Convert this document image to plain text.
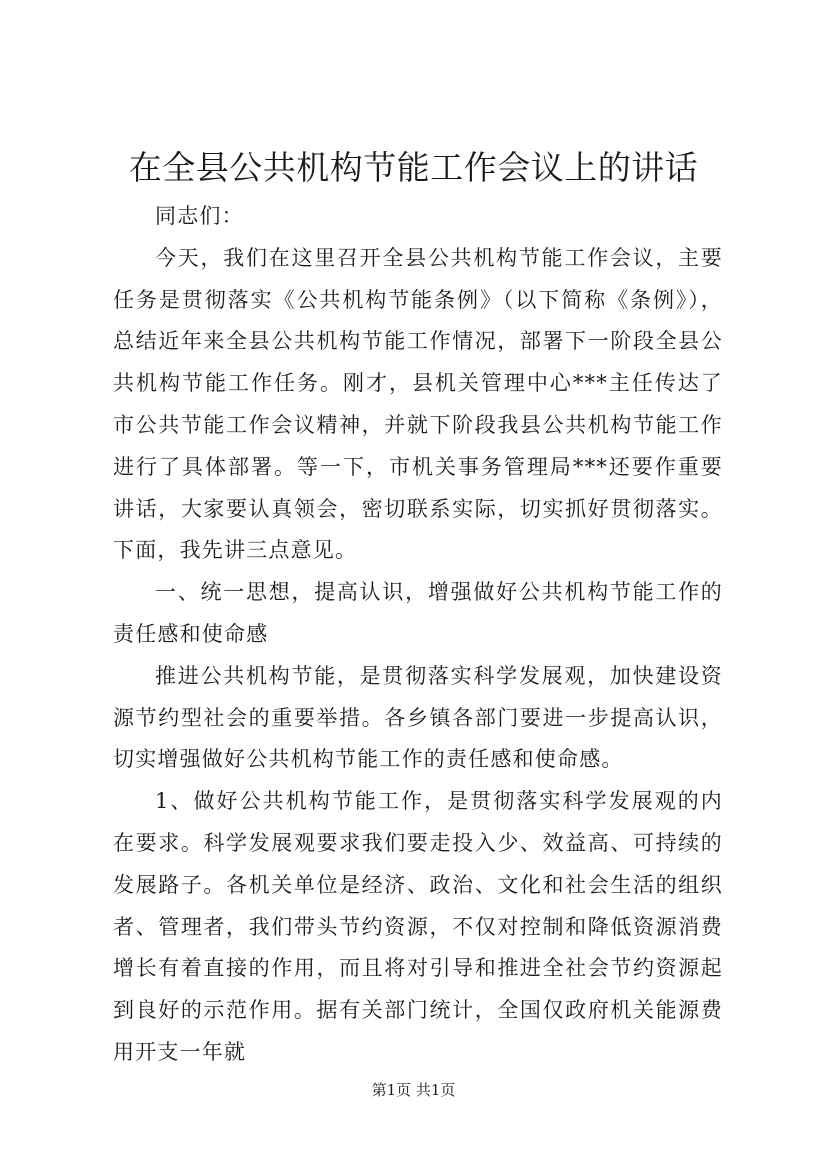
在全县公共机构节能工作会议上的讲话

同志们：

今天，我们在这里召开全县公共机构节能工作会议，主要任务是贯彻落实《公共机构节能条例》（以下简称《条例》），总结近年来全县公共机构节能工作情况，部署下一阶段全县公共机构节能工作任务。刚才，县机关管理中心***主任传达了市公共节能工作会议精神，并就下阶段我县公共机构节能工作进行了具体部署。等一下，市机关事务管理局***还要作重要讲话，大家要认真领会，密切联系实际，切实抓好贯彻落实。下面，我先讲三点意见。

一、统一思想，提高认识，增强做好公共机构节能工作的责任感和使命感

推进公共机构节能，是贯彻落实科学发展观，加快建设资源节约型社会的重要举措。各乡镇各部门要进一步提高认识，切实增强做好公共机构节能工作的责任感和使命感。

1、做好公共机构节能工作，是贯彻落实科学发展观的内在要求。科学发展观要求我们要走投入少、效益高、可持续的发展路子。各机关单位是经济、政治、文化和社会生活的组织者、管理者，我们带头节约资源，不仅对控制和降低资源消费增长有着直接的作用，而且将对引导和推进全社会节约资源起到良好的示范作用。据有关部门统计，全国仅政府机关能源费用开支一年就

第1页 共1页
